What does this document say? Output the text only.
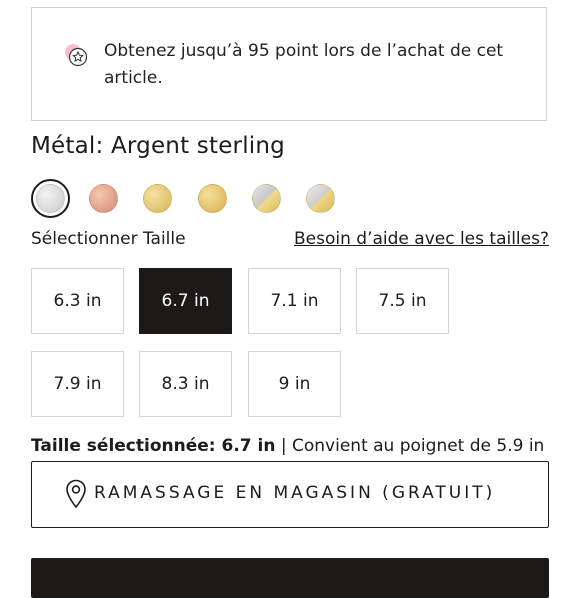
Obtenez jusqu’à 95 point lors de l’achat de cet article.
Métal: Argent sterling
Sélectionner Taille	Besoin d’aide avec les tailles?
6.3 in	6.7 in	7.1 in	7.5 in
7.9 in	8.3 in	9 in
Taille sélectionnée: 6.7 in | Convient au poignet de 5.9 in
RAMASSAGE EN MAGASIN (GRATUIT)
